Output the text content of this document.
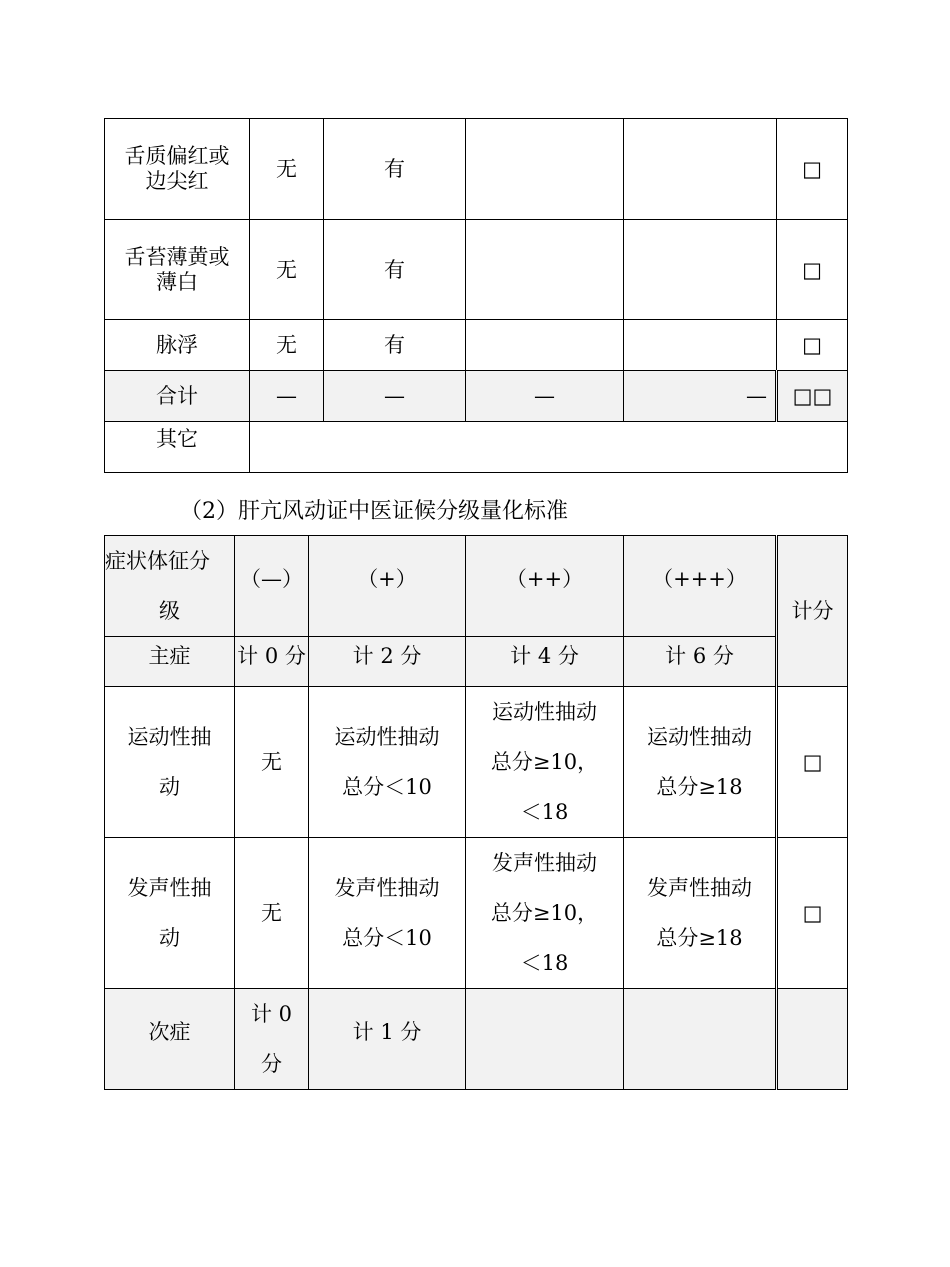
舌质偏红或
边尖红	无	有			□

舌苔薄黄或
薄白	无	有			□
脉浮	无	有			□
合计	—	—	—	—	□□
其它					
（2）肝亢风动证中医证候分级量化标准
症状体征分
级	（—）	（+）	（++）	（+++）	计分
主症	计 0 分	计 2 分	计 4 分	计 6 分	

运动性抽
动	无	运动性抽动
总分＜10	运动性抽动
总分≥10，
＜18	运动性抽动
总分≥18	□

发声性抽
动	无	发声性抽动
总分＜10	发声性抽动
总分≥10，
＜18	发声性抽动
总分≥18	□
次症	计 0
分	计 1 分			
